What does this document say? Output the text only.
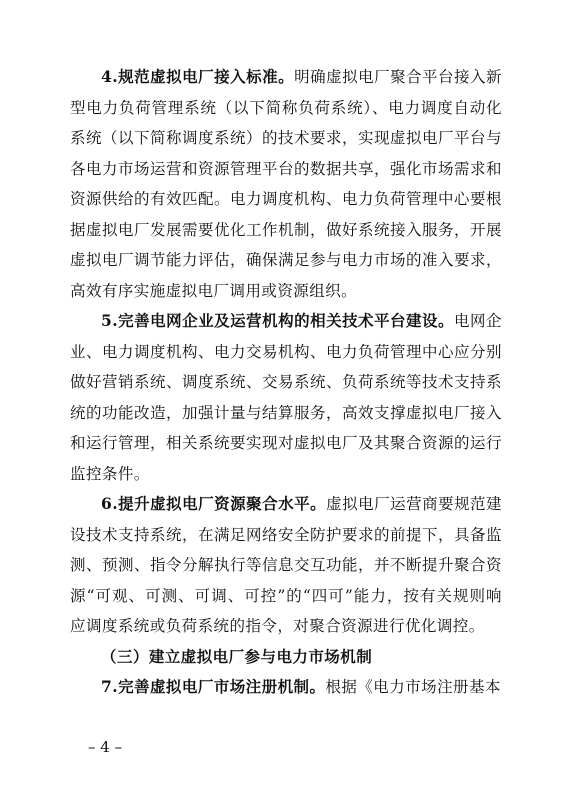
4.规范虚拟电厂接入标准。明确虚拟电厂聚合平台接入新型电力负荷管理系统（以下简称负荷系统）、电力调度自动化系统（以下简称调度系统）的技术要求，实现虚拟电厂平台与各电力市场运营和资源管理平台的数据共享，强化市场需求和资源供给的有效匹配。电力调度机构、电力负荷管理中心要根据虚拟电厂发展需要优化工作机制，做好系统接入服务，开展虚拟电厂调节能力评估，确保满足参与电力市场的准入要求，高效有序实施虚拟电厂调用或资源组织。

5.完善电网企业及运营机构的相关技术平台建设。电网企业、电力调度机构、电力交易机构、电力负荷管理中心应分别做好营销系统、调度系统、交易系统、负荷系统等技术支持系统的功能改造，加强计量与结算服务，高效支撑虚拟电厂接入和运行管理，相关系统要实现对虚拟电厂及其聚合资源的运行监控条件。

6.提升虚拟电厂资源聚合水平。虚拟电厂运营商要规范建设技术支持系统，在满足网络安全防护要求的前提下，具备监测、预测、指令分解执行等信息交互功能，并不断提升聚合资源“可观、可测、可调、可控”的“四可”能力，按有关规则响应调度系统或负荷系统的指令，对聚合资源进行优化调控。

（三）建立虚拟电厂参与电力市场机制

7.完善虚拟电厂市场注册机制。根据《电力市场注册基本

– 4 –
